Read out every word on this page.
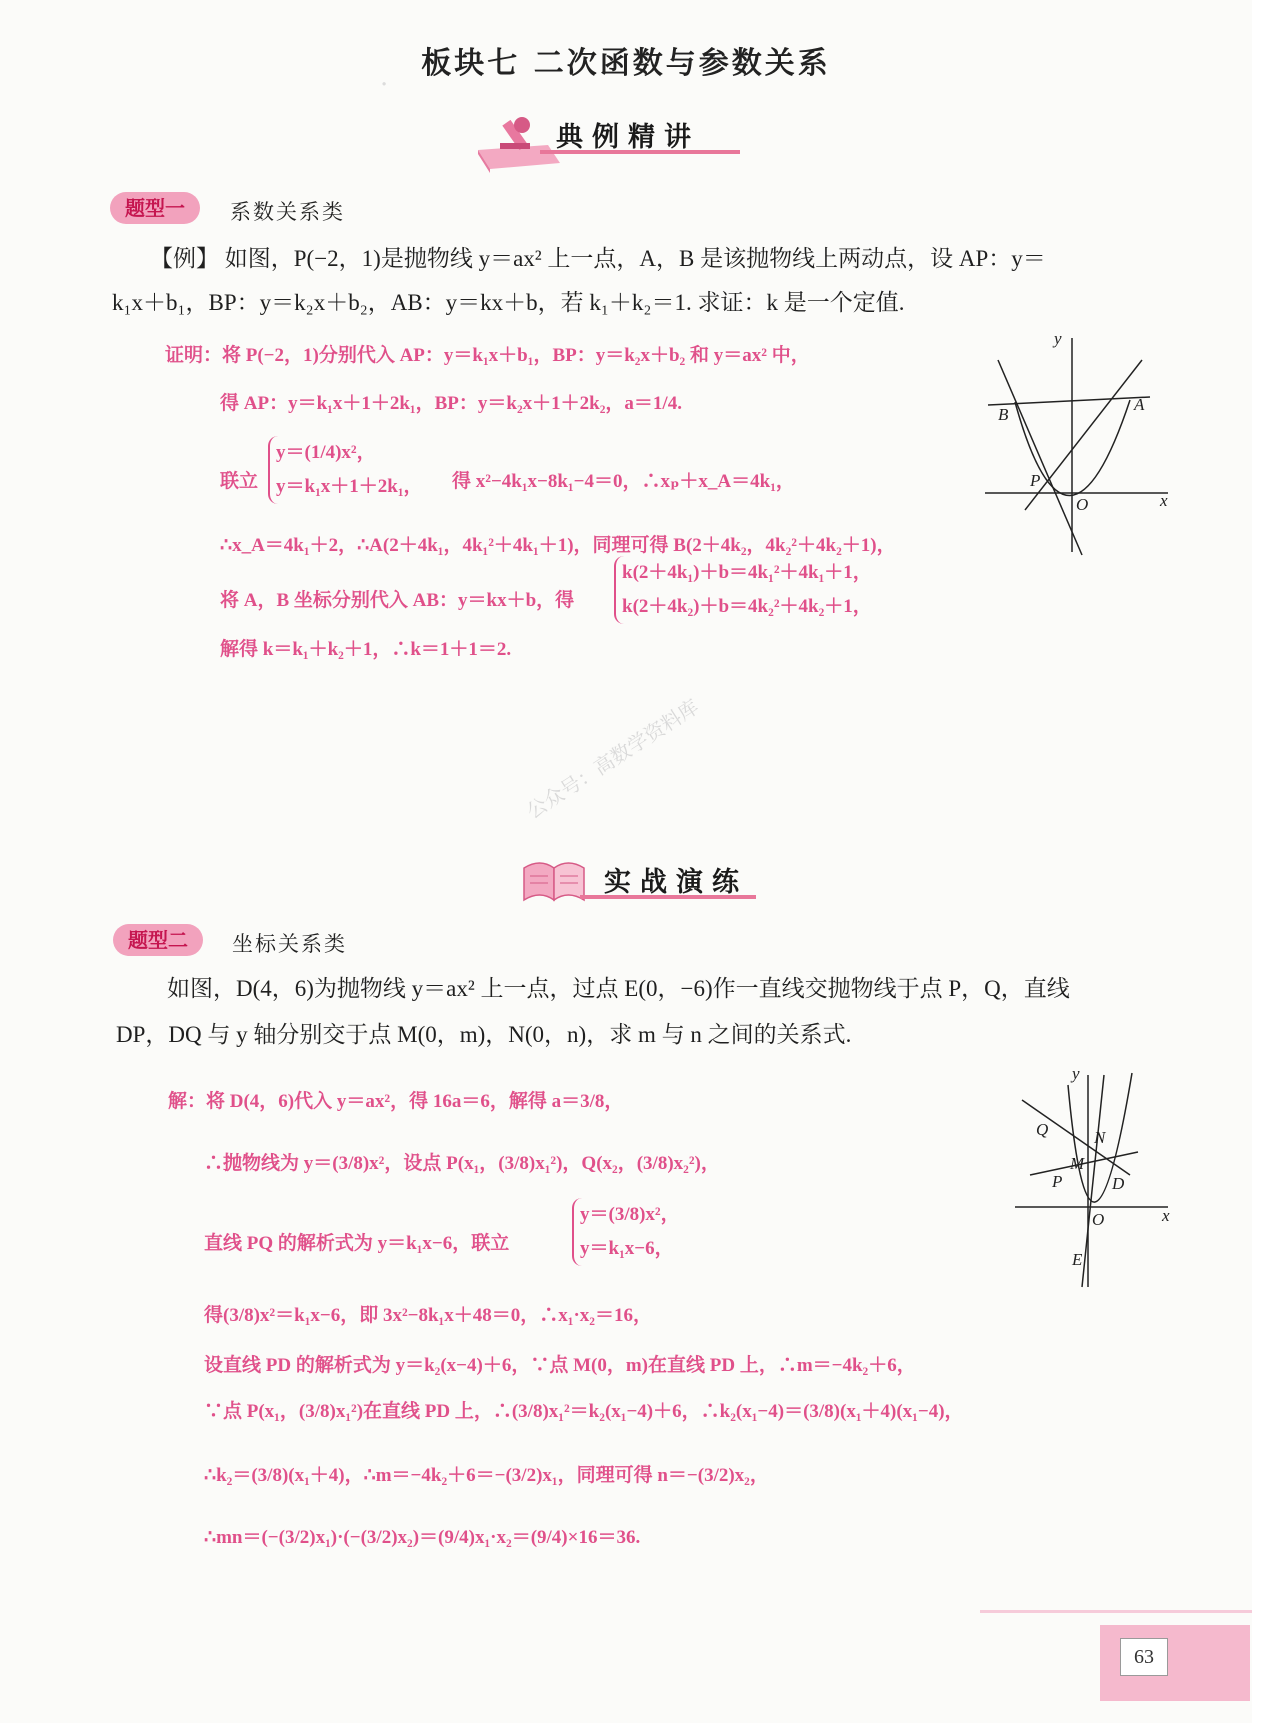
·
板块七 二次函数与参数关系
典例精讲
题型一	系数关系类
【例】 如图，P(−2，1)是抛物线 y＝ax² 上一点，A，B 是该抛物线上两动点，设 AP：y＝
k₁x＋b₁，BP：y＝k₂x＋b₂，AB：y＝kx＋b，若 k₁＋k₂＝1. 求证：k 是一个定值.
证明：将 P(−2，1)分别代入 AP：y＝k₁x＋b₁，BP：y＝k₂x＋b₂ 和 y＝ax² 中，
得 AP：y＝k₁x＋1＋2k₁，BP：y＝k₂x＋1＋2k₂，a＝1/4.
联立
y＝(1/4)x²，
y＝k₁x＋1＋2k₁， 得 x²−4k₁x−8k₁−4＝0，∴xₚ＋x_A＝4k₁，
∴x_A＝4k₁＋2，∴A(2＋4k₁，4k₁²＋4k₁＋1)，同理可得 B(2＋4k₂，4k₂²＋4k₂＋1)，
将 A，B 坐标分别代入 AB：y＝kx＋b，得
k(2＋4k₁)＋b＝4k₁²＋4k₁＋1，
k(2＋4k₂)＋b＝4k₂²＋4k₂＋1，
解得 k＝k₁＋k₂＋1，∴k＝1＋1＝2.
y
x
O
A
B
P
公众号：高数学资料库
实战演练
题型二	坐标关系类
如图，D(4，6)为抛物线 y＝ax² 上一点，过点 E(0，−6)作一直线交抛物线于点 P，Q，直线
DP，DQ 与 y 轴分别交于点 M(0，m)，N(0，n)，求 m 与 n 之间的关系式.
解：将 D(4，6)代入 y＝ax²，得 16a＝6，解得 a＝3/8，
∴抛物线为 y＝(3/8)x²，设点 P(x₁，(3/8)x₁²)，Q(x₂，(3/8)x₂²)，
直线 PQ 的解析式为 y＝k₁x−6，联立
y＝(3/8)x²，
y＝k₁x−6，
得(3/8)x²＝k₁x−6，即 3x²−8k₁x＋48＝0，∴x₁·x₂＝16，
设直线 PD 的解析式为 y＝k₂(x−4)＋6，∵点 M(0，m)在直线 PD 上，∴m＝−4k₂＋6，
∵点 P(x₁，(3/8)x₁²)在直线 PD 上，∴(3/8)x₁²＝k₂(x₁−4)＋6，∴k₂(x₁−4)＝(3/8)(x₁＋4)(x₁−4)，
∴k₂＝(3/8)(x₁＋4)，∴m＝−4k₂＋6＝−(3/2)x₁，同理可得 n＝−(3/2)x₂，
∴mn＝(−(3/2)x₁)·(−(3/2)x₂)＝(9/4)x₁·x₂＝(9/4)×16＝36.
y
x
O
Q	N
M
P	D
E
63
